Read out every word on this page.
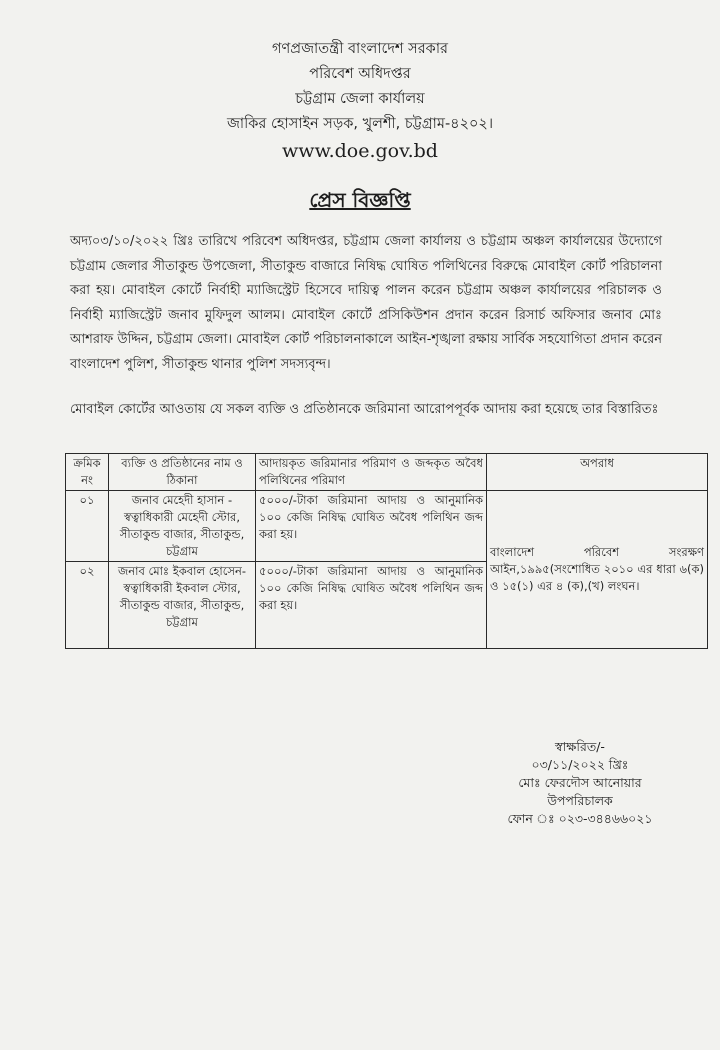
গণপ্রজাতন্ত্রী বাংলাদেশ সরকার
পরিবেশ অধিদপ্তর
চট্টগ্রাম জেলা কার্যালয়
জাকির হোসাইন সড়ক, খুলশী, চট্টগ্রাম-৪২০২।
www.doe.gov.bd
প্রেস বিজ্ঞপ্তি
অদ্য০৩/১০/২০২২ খ্রিঃ তারিখে পরিবেশ অধিদপ্তর, চট্টগ্রাম জেলা কার্যালয় ও চট্টগ্রাম অঞ্চল কার্যালয়ের উদ্যোগে চট্টগ্রাম জেলার সীতাকুন্ড উপজেলা, সীতাকুন্ড বাজারে নিষিদ্ধ ঘোষিত পলিথিনের বিরুদ্ধে মোবাইল কোর্ট পরিচালনা করা হয়। মোবাইল কোর্টে নির্বাহী ম্যাজিস্ট্রেট হিসেবে দায়িত্ব পালন করেন চট্টগ্রাম অঞ্চল কার্যালয়ের পরিচালক ও নির্বাহী ম্যাজিস্ট্রেট জনাব মুফিদুল আলম। মোবাইল কোর্টে প্রসিকিউশন প্রদান করেন রিসার্চ অফিসার জনাব মোঃ আশরাফ উদ্দিন, চট্টগ্রাম জেলা। মোবাইল কোর্ট পরিচালনাকালে আইন-শৃঙ্খলা রক্ষায় সার্বিক সহযোগিতা প্রদান করেন বাংলাদেশ পুলিশ, সীতাকুন্ড থানার পুলিশ সদস্যবৃন্দ।
মোবাইল কোর্টের আওতায় যে সকল ব্যক্তি ও প্রতিষ্ঠানকে জরিমানা আরোপপূর্বক আদায় করা হয়েছে তার বিস্তারিতঃ
ক্রমিক নং	ব্যক্তি ও প্রতিষ্ঠানের নাম ও ঠিকানা	আদায়কৃত জরিমানার পরিমাণ ও জব্দকৃত অবৈধ পলিথিনের পরিমাণ	অপরাধ
০১	জনাব মেহেদী হাসান - স্বত্বাধিকারী মেহেদী স্টোর, সীতাকুন্ড বাজার, সীতাকুন্ড, চট্টগ্রাম	৫০০০/-টাকা জরিমানা আদায় ও আনুমানিক ১০০ কেজি নিষিদ্ধ ঘোষিত অবৈধ পলিথিন জব্দ করা হয়।	বাংলাদেশ পরিবেশ সংরক্ষণ আইন,১৯৯৫(সংশোধিত ২০১০ এর ধারা ৬(ক) ও ১৫(১) এর ৪ (ক),(খ) লংঘন।
০২	জনাব মোঃ ইকবাল হোসেন-স্বত্বাধিকারী ইকবাল স্টোর, সীতাকুন্ড বাজার, সীতাকুন্ড, চট্টগ্রাম	৫০০০/-টাকা জরিমানা আদায় ও আনুমানিক ১০০ কেজি নিষিদ্ধ ঘোষিত অবৈধ পলিথিন জব্দ করা হয়।	
স্বাক্ষরিত/-
০৩/১১/২০২২ খ্রিঃ
মোঃ ফেরদৌস আনোয়ার
উপপরিচালক
ফোন ঃ ০২৩-৩৪৪৬৬০২১
